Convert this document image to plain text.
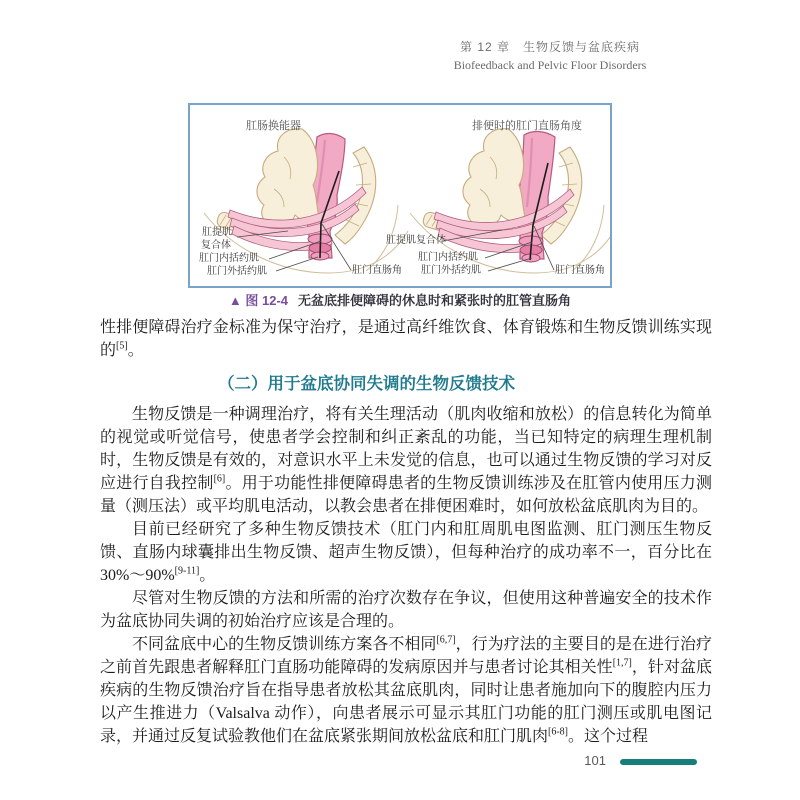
第 12 章　生物反馈与盆底疾病
Biofeedback and Pelvic Floor Disorders
肛肠换能器	排便时的肛门直肠角度
肛提肌
复合体
肛门内括约肌
肛门外括约肌	肛门直肠角
肛提肌复合体
肛门内括约肌
肛门外括约肌	肛门直肠角
▲ 图 12-4 无盆底排便障碍的休息时和紧张时的肛管直肠角

性排便障碍治疗金标准为保守治疗，是通过高纤维饮食、体育锻炼和生物反馈训练实现的[5]。

（二）用于盆底协同失调的生物反馈技术

生物反馈是一种调理治疗，将有关生理活动（肌肉收缩和放松）的信息转化为简单的视觉或听觉信号，使患者学会控制和纠正紊乱的功能，当已知特定的病理生理机制时，生物反馈是有效的，对意识水平上未发觉的信息，也可以通过生物反馈的学习对反应进行自我控制[6]。用于功能性排便障碍患者的生物反馈训练涉及在肛管内使用压力测量（测压法）或平均肌电活动，以教会患者在排便困难时，如何放松盆底肌肉为目的。

目前已经研究了多种生物反馈技术（肛门内和肛周肌电图监测、肛门测压生物反馈、直肠内球囊排出生物反馈、超声生物反馈），但每种治疗的成功率不一，百分比在30%～90%[9-11]。

尽管对生物反馈的方法和所需的治疗次数存在争议，但使用这种普遍安全的技术作为盆底协同失调的初始治疗应该是合理的。

不同盆底中心的生物反馈训练方案各不相同[6,7]，行为疗法的主要目的是在进行治疗之前首先跟患者解释肛门直肠功能障碍的发病原因并与患者讨论其相关性[1,7]，针对盆底疾病的生物反馈治疗旨在指导患者放松其盆底肌肉，同时让患者施加向下的腹腔内压力以产生推进力（Valsalva 动作），向患者展示可显示其肛门功能的肛门测压或肌电图记录，并通过反复试验教他们在盆底紧张期间放松盆底和肛门肌肉[6-8]。这个过程

101
